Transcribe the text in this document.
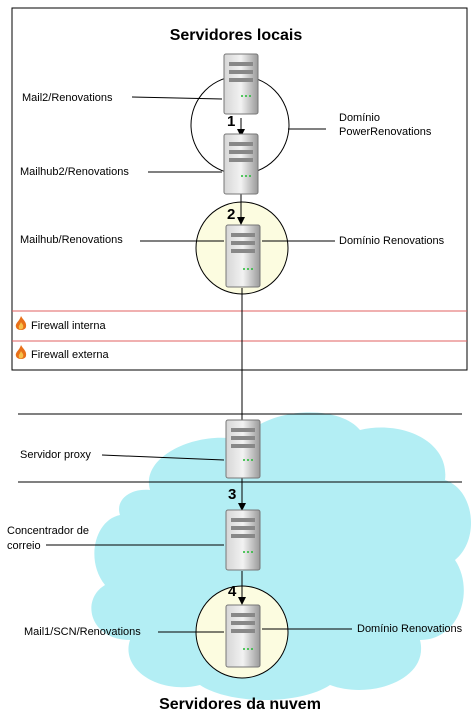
Servidores locais
Servidores da nuvem
1
2
3
4
Mail2/Renovations
Mailhub2/Renovations
Mailhub/Renovations
Servidor proxy
Concentrador de
correio
Mail1/SCN/Renovations
Domínio
PowerRenovations
Domínio Renovations
Domínio Renovations
Firewall interna
Firewall externa
